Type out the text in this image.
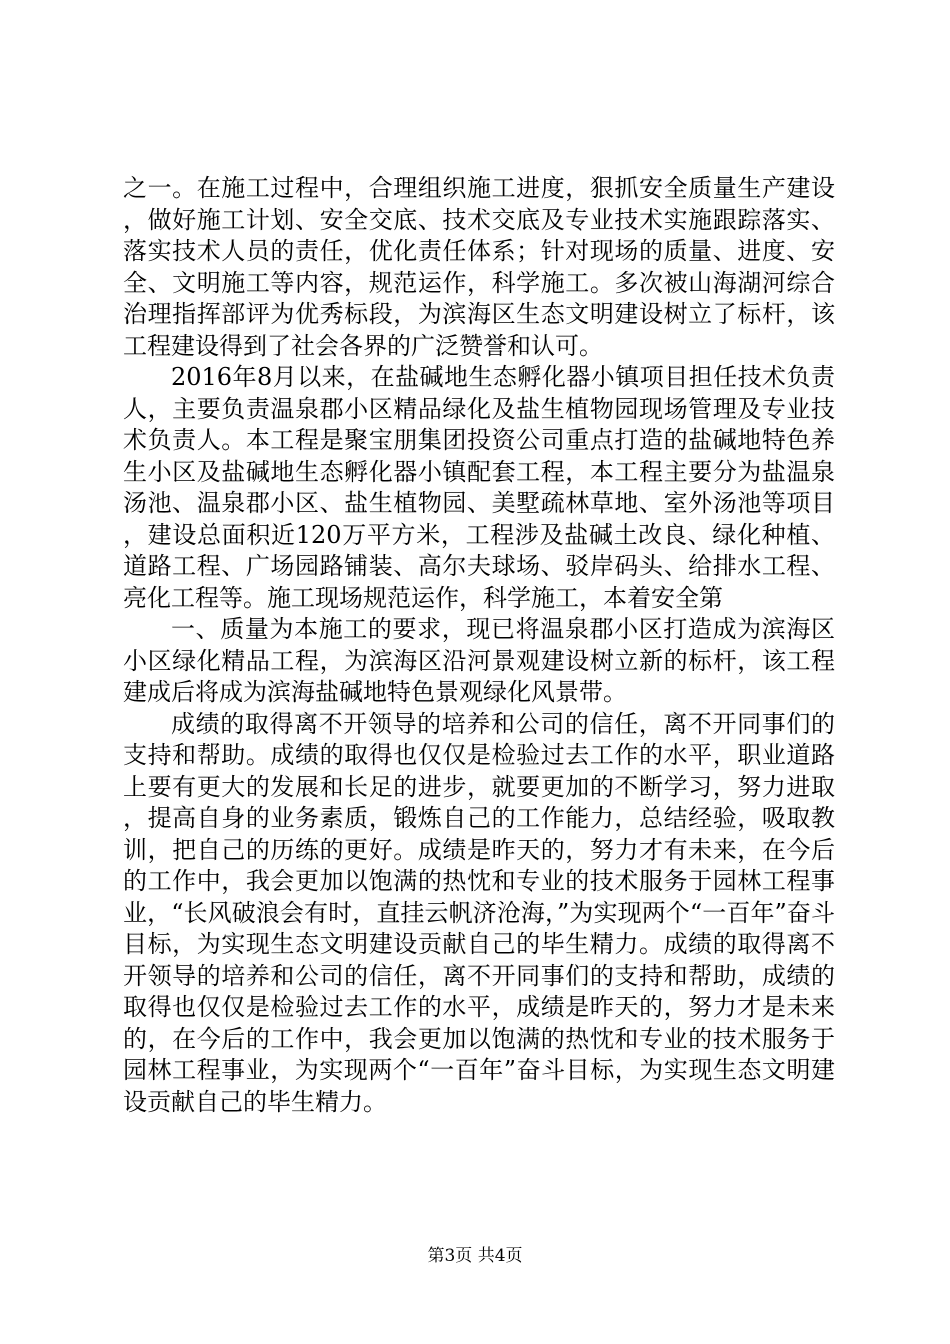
之一。在施工过程中，合理组织施工进度，狠抓安全质量生产建设，做好施工计划、安全交底、技术交底及专业技术实施跟踪落实、落实技术人员的责任，优化责任体系；针对现场的质量、进度、安全、文明施工等内容，规范运作，科学施工。多次被山海湖河综合治理指挥部评为优秀标段，为滨海区生态文明建设树立了标杆，该工程建设得到了社会各界的广泛赞誉和认可。

2016年8月以来，在盐碱地生态孵化器小镇项目担任技术负责人，主要负责温泉郡小区精品绿化及盐生植物园现场管理及专业技术负责人。本工程是聚宝朋集团投资公司重点打造的盐碱地特色养生小区及盐碱地生态孵化器小镇配套工程，本工程主要分为盐温泉汤池、温泉郡小区、盐生植物园、美墅疏林草地、室外汤池等项目，建设总面积近120万平方米，工程涉及盐碱土改良、绿化种植、道路工程、广场园路铺装、高尔夫球场、驳岸码头、给排水工程、亮化工程等。施工现场规范运作，科学施工，本着安全第

一、质量为本施工的要求，现已将温泉郡小区打造成为滨海区小区绿化精品工程，为滨海区沿河景观建设树立新的标杆，该工程建成后将成为滨海盐碱地特色景观绿化风景带。

成绩的取得离不开领导的培养和公司的信任，离不开同事们的支持和帮助。成绩的取得也仅仅是检验过去工作的水平，职业道路上要有更大的发展和长足的进步，就要更加的不断学习，努力进取，提高自身的业务素质，锻炼自己的工作能力，总结经验，吸取教训，把自己的历练的更好。成绩是昨天的，努力才有未来，在今后的工作中，我会更加以饱满的热忱和专业的技术服务于园林工程事业，“长风破浪会有时，直挂云帆济沧海，”为实现两个“一百年”奋斗目标，为实现生态文明建设贡献自己的毕生精力。成绩的取得离不开领导的培养和公司的信任，离不开同事们的支持和帮助，成绩的取得也仅仅是检验过去工作的水平，成绩是昨天的，努力才是未来的，在今后的工作中，我会更加以饱满的热忱和专业的技术服务于园林工程事业，为实现两个“一百年”奋斗目标，为实现生态文明建设贡献自己的毕生精力。

第3页 共4页
